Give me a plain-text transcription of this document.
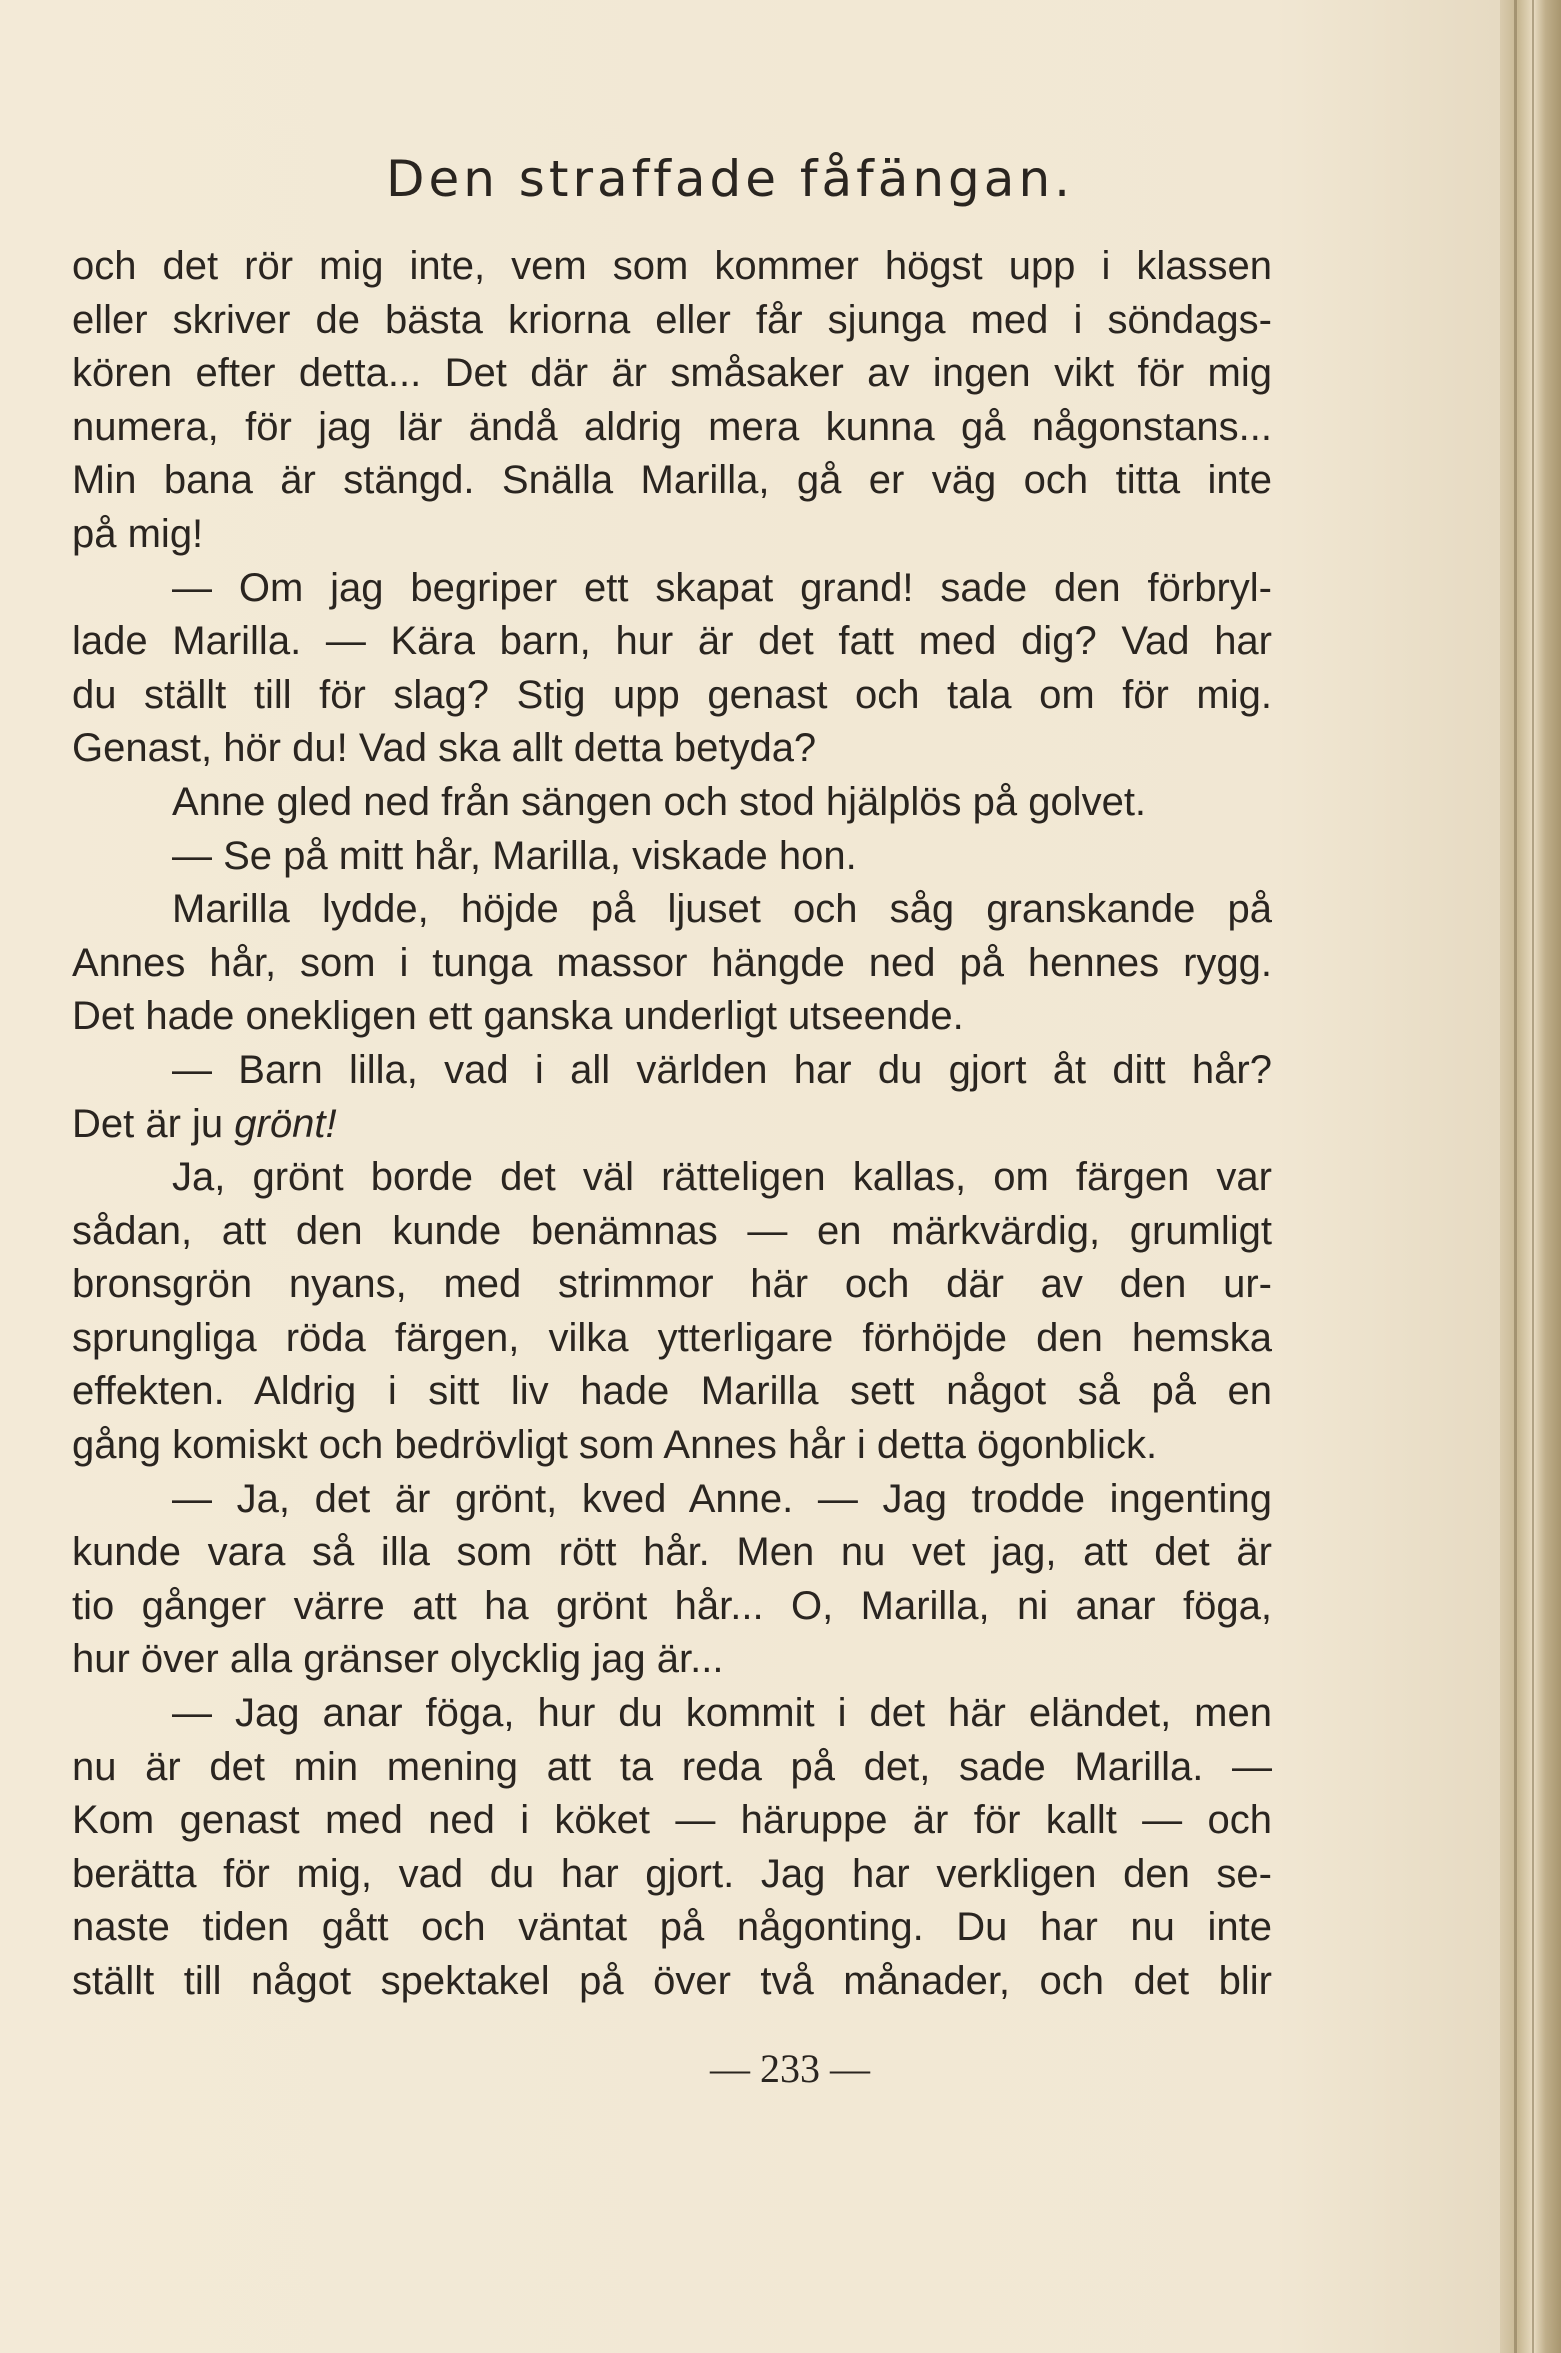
Den straffade fåfängan.
och det rör mig inte, vem som kommer högst upp i klassen
eller skriver de bästa kriorna eller får sjunga med i söndags-
kören efter detta... Det där är småsaker av ingen vikt för mig
numera, för jag lär ändå aldrig mera kunna gå någonstans...
Min bana är stängd. Snälla Marilla, gå er väg och titta inte
på mig!
— Om jag begriper ett skapat grand! sade den förbryl-
lade Marilla. — Kära barn, hur är det fatt med dig? Vad har
du ställt till för slag? Stig upp genast och tala om för mig.
Genast, hör du! Vad ska allt detta betyda?
Anne gled ned från sängen och stod hjälplös på golvet.
— Se på mitt hår, Marilla, viskade hon.
Marilla lydde, höjde på ljuset och såg granskande på
Annes hår, som i tunga massor hängde ned på hennes rygg.
Det hade onekligen ett ganska underligt utseende.
— Barn lilla, vad i all världen har du gjort åt ditt hår?
Det är ju grönt!
Ja, grönt borde det väl rätteligen kallas, om färgen var
sådan, att den kunde benämnas — en märkvärdig, grumligt
bronsgrön nyans, med strimmor här och där av den ur-
sprungliga röda färgen, vilka ytterligare förhöjde den hemska
effekten. Aldrig i sitt liv hade Marilla sett något så på en
gång komiskt och bedrövligt som Annes hår i detta ögonblick.
— Ja, det är grönt, kved Anne. — Jag trodde ingenting
kunde vara så illa som rött hår. Men nu vet jag, att det är
tio gånger värre att ha grönt hår... O, Marilla, ni anar föga,
hur över alla gränser olycklig jag är...
— Jag anar föga, hur du kommit i det här eländet, men
nu är det min mening att ta reda på det, sade Marilla. —
Kom genast med ned i köket — häruppe är för kallt — och
berätta för mig, vad du har gjort. Jag har verkligen den se-
naste tiden gått och väntat på någonting. Du har nu inte
ställt till något spektakel på över två månader, och det blir
— 233 —
